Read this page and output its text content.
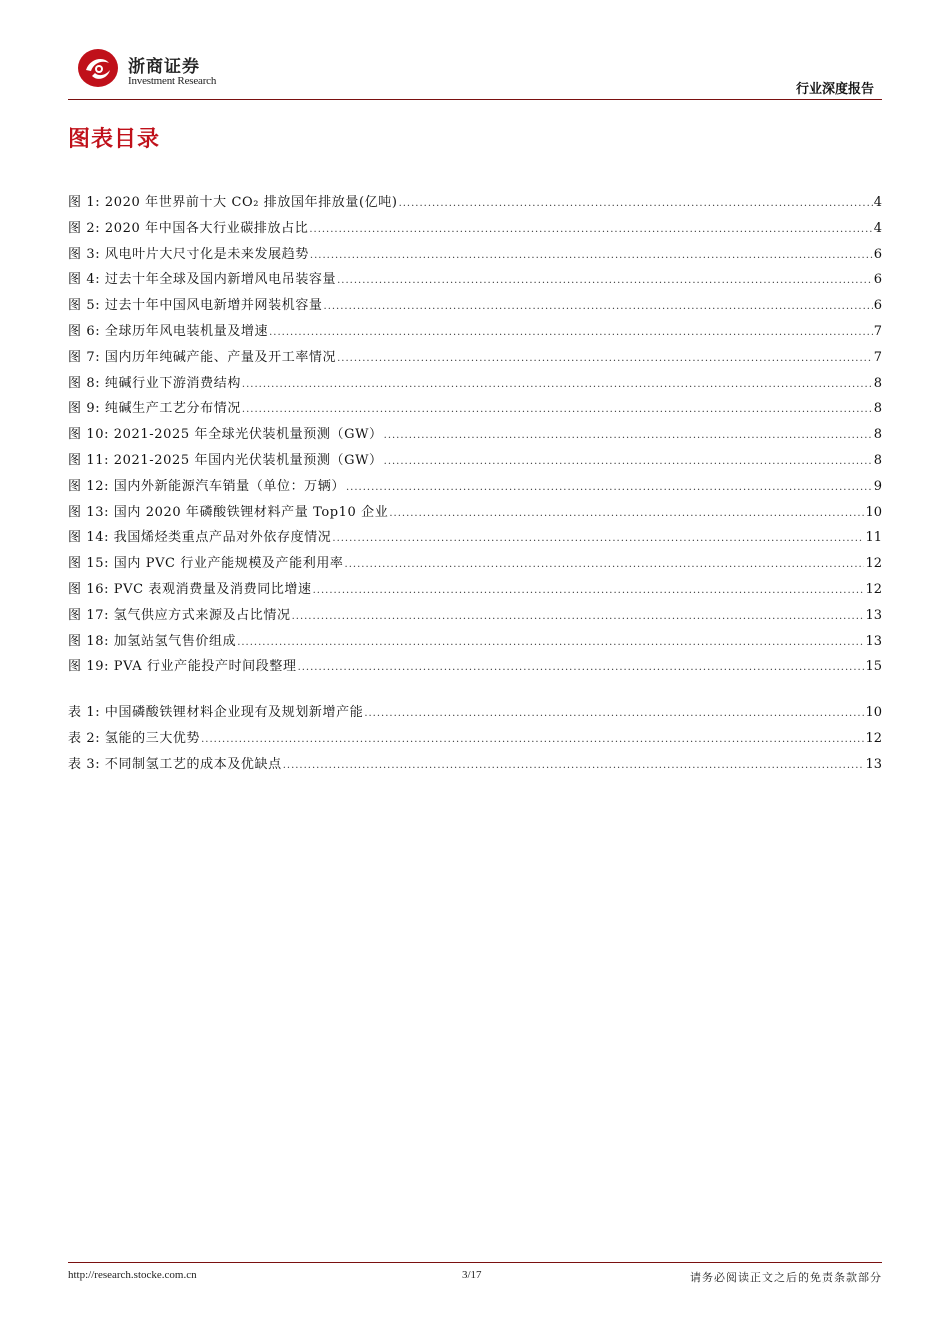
浙商证券
Investment Research
行业深度报告
图表目录
图 1: 2020 年世界前十大 CO₂ 排放国年排放量(亿吨) .....	4
图 2: 2020 年中国各大行业碳排放占比 .....	4
图 3: 风电叶片大尺寸化是未来发展趋势 .....	6
图 4: 过去十年全球及国内新增风电吊装容量 .....	6
图 5: 过去十年中国风电新增并网装机容量 .....	6
图 6: 全球历年风电装机量及增速 .....	7
图 7: 国内历年纯碱产能、产量及开工率情况 .....	7
图 8: 纯碱行业下游消费结构 .....	8
图 9: 纯碱生产工艺分布情况 .....	8
图 10: 2021-2025 年全球光伏装机量预测（GW） .....	8
图 11: 2021-2025 年国内光伏装机量预测（GW） .....	8
图 12: 国内外新能源汽车销量（单位：万辆） .....	9
图 13: 国内 2020 年磷酸铁锂材料产量 Top10 企业 .....	10
图 14: 我国烯烃类重点产品对外依存度情况 .....	11
图 15: 国内 PVC 行业产能规模及产能利用率 .....	12
图 16: PVC 表观消费量及消费同比增速 .....	12
图 17: 氢气供应方式来源及占比情况 .....	13
图 18: 加氢站氢气售价组成 .....	13
图 19: PVA 行业产能投产时间段整理 .....	15
表 1: 中国磷酸铁锂材料企业现有及规划新增产能 .....	10
表 2: 氢能的三大优势 .....	12
表 3: 不同制氢工艺的成本及优缺点 .....	13
http://research.stocke.com.cn	3/17	请务必阅读正文之后的免责条款部分
